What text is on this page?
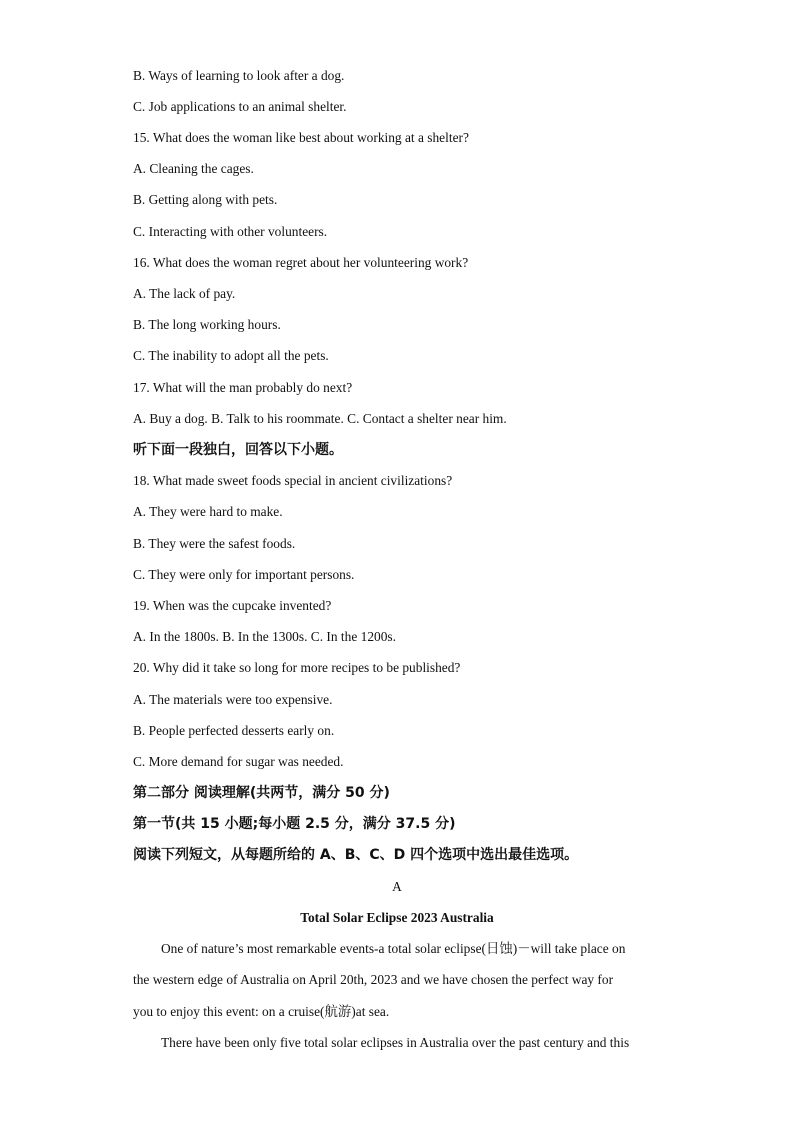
B. Ways of learning to look after a dog.

C. Job applications to an animal shelter.

15. What does the woman like best about working at a shelter?

A. Cleaning the cages.

B. Getting along with pets.

C. Interacting with other volunteers.

16. What does the woman regret about her volunteering work?

A. The lack of pay.

B. The long working hours.

C. The inability to adopt all the pets.

17. What will the man probably do next?

A. Buy a dog. B. Talk to his roommate. C. Contact a shelter near him.

听下面一段独白，回答以下小题。

18. What made sweet foods special in ancient civilizations?

A. They were hard to make.

B. They were the safest foods.

C. They were only for important persons.

19. When was the cupcake invented?

A. In the 1800s. B. In the 1300s. C. In the 1200s.

20. Why did it take so long for more recipes to be published?

A. The materials were too expensive.

B. People perfected desserts early on.

C. More demand for sugar was needed.

第二部分 阅读理解(共两节，满分 50 分)

第一节(共 15 小题;每小题 2.5 分，满分 37.5 分)

阅读下列短文，从每题所给的 A、B、C、D 四个选项中选出最佳选项。

A

Total Solar Eclipse 2023 Australia

One of nature’s most remarkable events-a total solar eclipse(日蚀)－will take place on

the western edge of Australia on April 20th, 2023 and we have chosen the perfect way for

you to enjoy this event: on a cruise(航游)at sea.

There have been only five total solar eclipses in Australia over the past century and this
